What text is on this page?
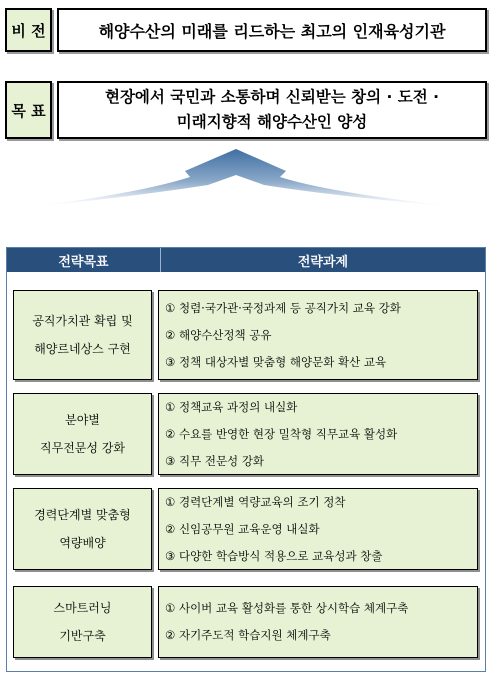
비 전	해양수산의 미래를 리드하는 최고의 인재육성기관
목 표
현장에서 국민과 소통하며 신뢰받는 창의 · 도전 ·
미래지향적 해양수산인 양성
전략목표	전략과제
공직가치관 확립 및
해양르네상스 구현
① 청렴·국가관·국정과제 등 공직가치 교육 강화
② 해양수산정책 공유
③ 정책 대상자별 맞춤형 해양문화 확산 교육
분야별
직무전문성 강화
① 정책교육 과정의 내실화
② 수요를 반영한 현장 밀착형 직무교육 활성화
③ 직무 전문성 강화
경력단계별 맞춤형
역량배양
① 경력단계별 역량교육의 조기 정착
② 신임공무원 교육운영 내실화
③ 다양한 학습방식 적용으로 교육성과 창출
스마트러닝
기반구축
① 사이버 교육 활성화를 통한 상시학습 체계구축
② 자기주도적 학습지원 체계구축
